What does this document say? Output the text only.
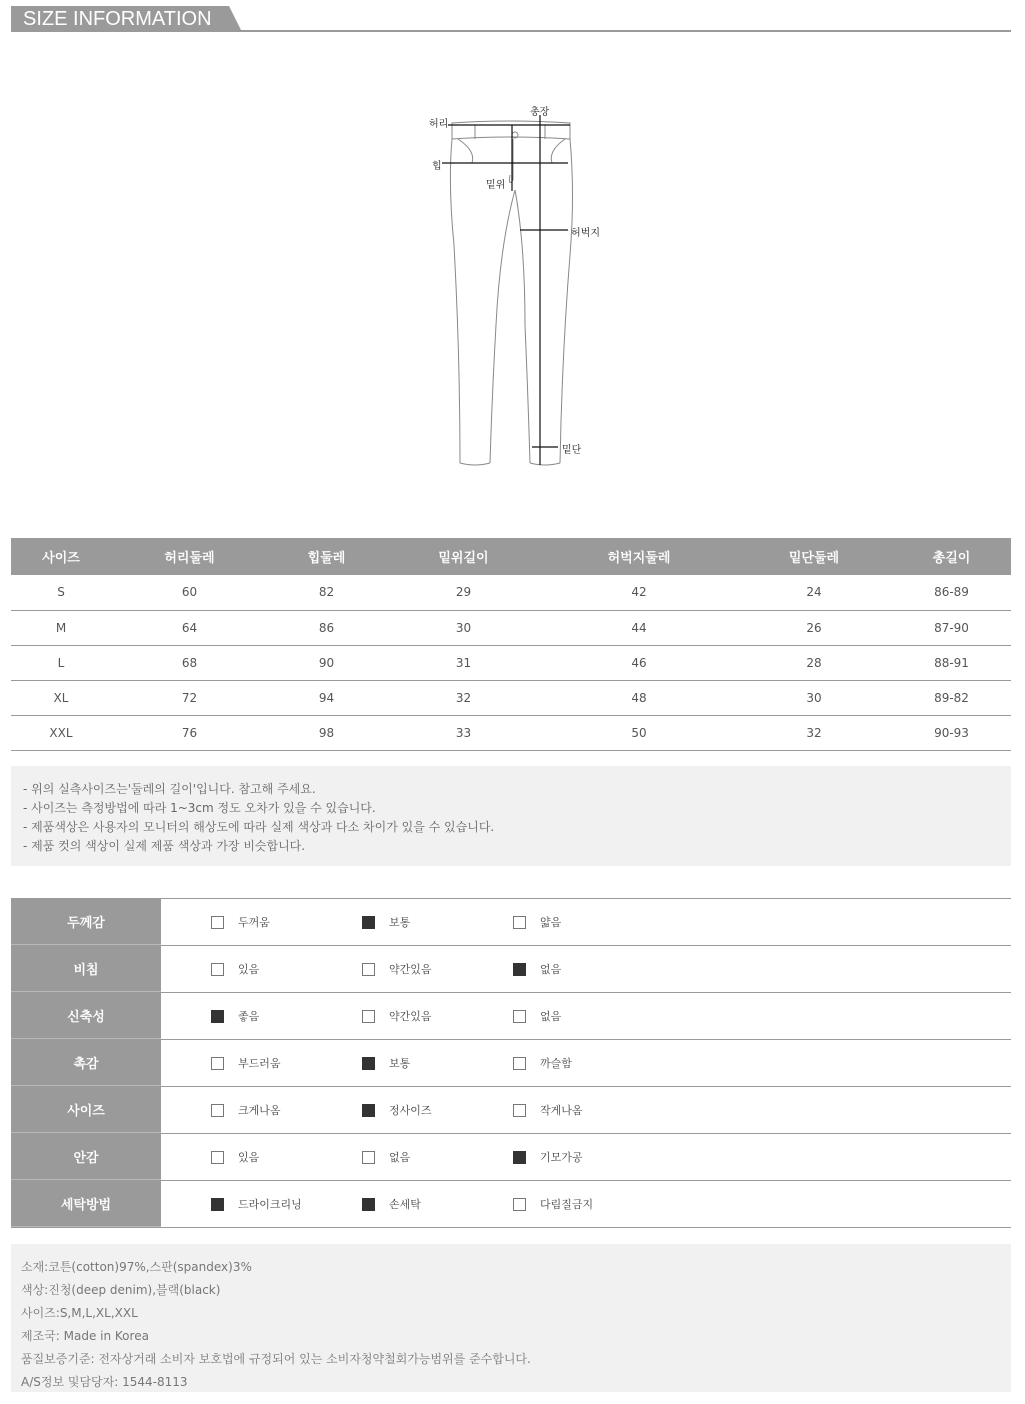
SIZE INFORMATION
허리
총장
힙
밑위
허벅지
밑단
사이즈	허리둘레	힙둘레	밑위길이	허벅지둘레	밑단둘레	총길이
S	60	82	29	42	24	86-89
M	64	86	30	44	26	87-90
L	68	90	31	46	28	88-91
XL	72	94	32	48	30	89-82
XXL	76	98	33	50	32	90-93
- 위의 실측사이즈는'둘레의 길이'입니다. 참고해 주세요.
- 사이즈는 측정방법에 따라 1~3cm 정도 오차가 있을 수 있습니다.
- 제품색상은 사용자의 모니터의 해상도에 따라 실제 색상과 다소 차이가 있을 수 있습니다.
- 제품 컷의 색상이 실제 제품 색상과 가장 비슷합니다.
두께감	두꺼움	보통	얇음
비침	있음	약간있음	없음
신축성	좋음	약간있음	없음
촉감	부드러움	보통	까슬함
사이즈	크게나옴	정사이즈	작게나옴
안감	있음	없음	기모가공
세탁방법	드라이크리닝	손세탁	다림질금지
소재:코튼(cotton)97%,스판(spandex)3%
색상:진청(deep denim),블랙(black)
사이즈:S,M,L,XL,XXL
제조국: Made in Korea
품질보증기준: 전자상거래 소비자 보호법에 규정되어 있는 소비자청약철회가능범위를 준수합니다.
A/S정보 및담당자: 1544-8113
